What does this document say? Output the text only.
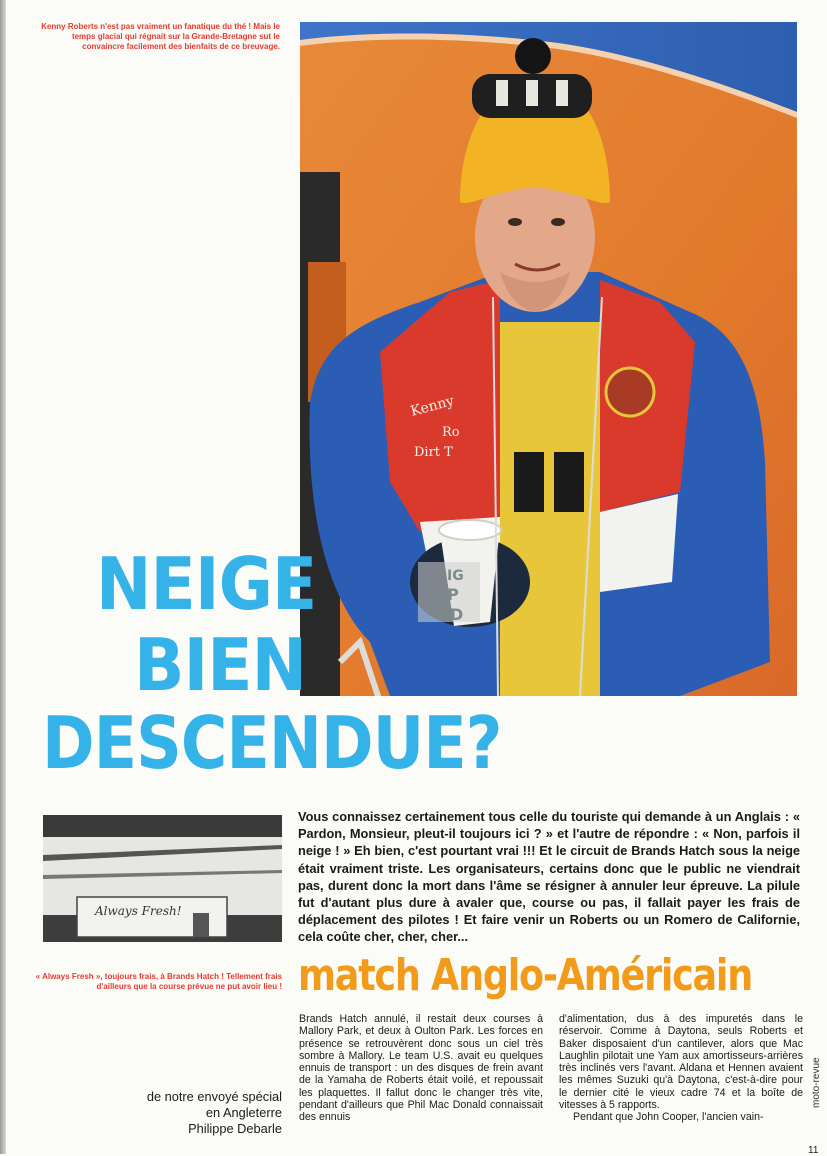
Kenny Roberts n'est pas vraiment un fanatique du thé ! Mais le temps glacial qui régnait sur la Grande-Bretagne sut le convaincre facilement des bienfaits de ce breuvage.
Kenny
Ro
Dirt T
BIG
JP
HD
NEIGE
BIEN
DESCENDUE?
Always Fresh!
« Always Fresh », toujours frais, à Brands Hatch ! Tellement frais d'ailleurs que la course prévue ne put avoir lieu !
Vous connaissez certainement tous celle du touriste qui demande à un Anglais : « Pardon, Monsieur, pleut-il toujours ici ? » et l'autre de répondre : « Non, parfois il neige ! » Eh bien, c'est pourtant vrai !!! Et le circuit de Brands Hatch sous la neige était vraiment triste. Les organisateurs, certains donc que le public ne viendrait pas, durent donc la mort dans l'âme se résigner à annuler leur épreuve. La pilule fut d'autant plus dure à avaler que, course ou pas, il fallait payer les frais de déplacement des pilotes ! Et faire venir un Roberts ou un Romero de Californie, cela coûte cher, cher, cher...
match Anglo-Américain
Brands Hatch annulé, il restait deux courses à Mallory Park, et deux à Oulton Park. Les forces en présence se retrouvèrent donc sous un ciel très sombre à Mallory. Le team U.S. avait eu quelques ennuis de transport : un des disques de frein avant de la Yamaha de Roberts était voilé, et repoussait les plaquettes. Il fallut donc le changer très vite, pendant d'ailleurs que Phil Mac Donald connaissait des ennuis
d'alimentation, dus à des impuretés dans le réservoir. Comme à Daytona, seuls Roberts et Baker disposaient d'un cantilever, alors que Mac Laughlin pilotait une Yam aux amortisseurs-arrières très inclinés vers l'avant. Aldana et Hennen avaient les mêmes Suzuki qu'à Daytona, c'est-à-dire pour le dernier cité le vieux cadre 74 et la boîte de vitesses à 5 rapports.
Pendant que John Cooper, l'ancien vain-
de notre envoyé spécial
en Angleterre
Philippe Debarle
moto-revue
11
